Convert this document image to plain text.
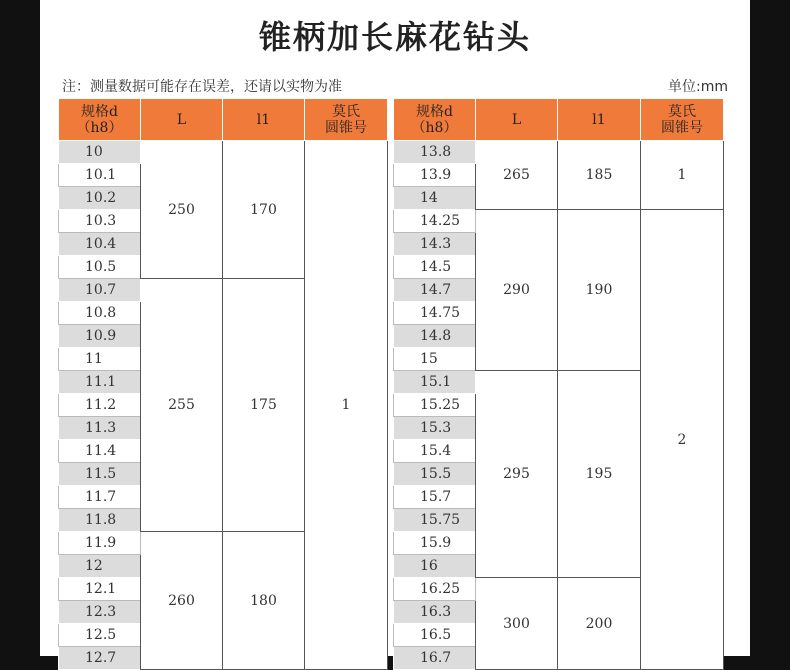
锥柄加长麻花钻头
注：测量数据可能存在误差，还请以实物为准	单位:mm
规格d
（h8）	L	l1	莫氏
圆锥号
10	250	170	1
10.1			
10.2			
10.3			
10.4			
10.5			
10.7	255	175	
10.8			
10.9			
11			
11.1			
11.2			
11.3			
11.4			
11.5			
11.7			
11.8			
11.9	260	180	
12			
12.1			
12.3			
12.5			
12.7			
规格d
（h8）	L	l1	莫氏
圆锥号
13.8	265	185	1
13.9			
14			
14.25	290	190	2
14.3			
14.5			
14.7			
14.75			
14.8			
15			
15.1	295	195	
15.25			
15.3			
15.4			
15.5			
15.7			
15.75			
15.9			
16			
16.25	300	200	
16.3			
16.5			
16.7			
